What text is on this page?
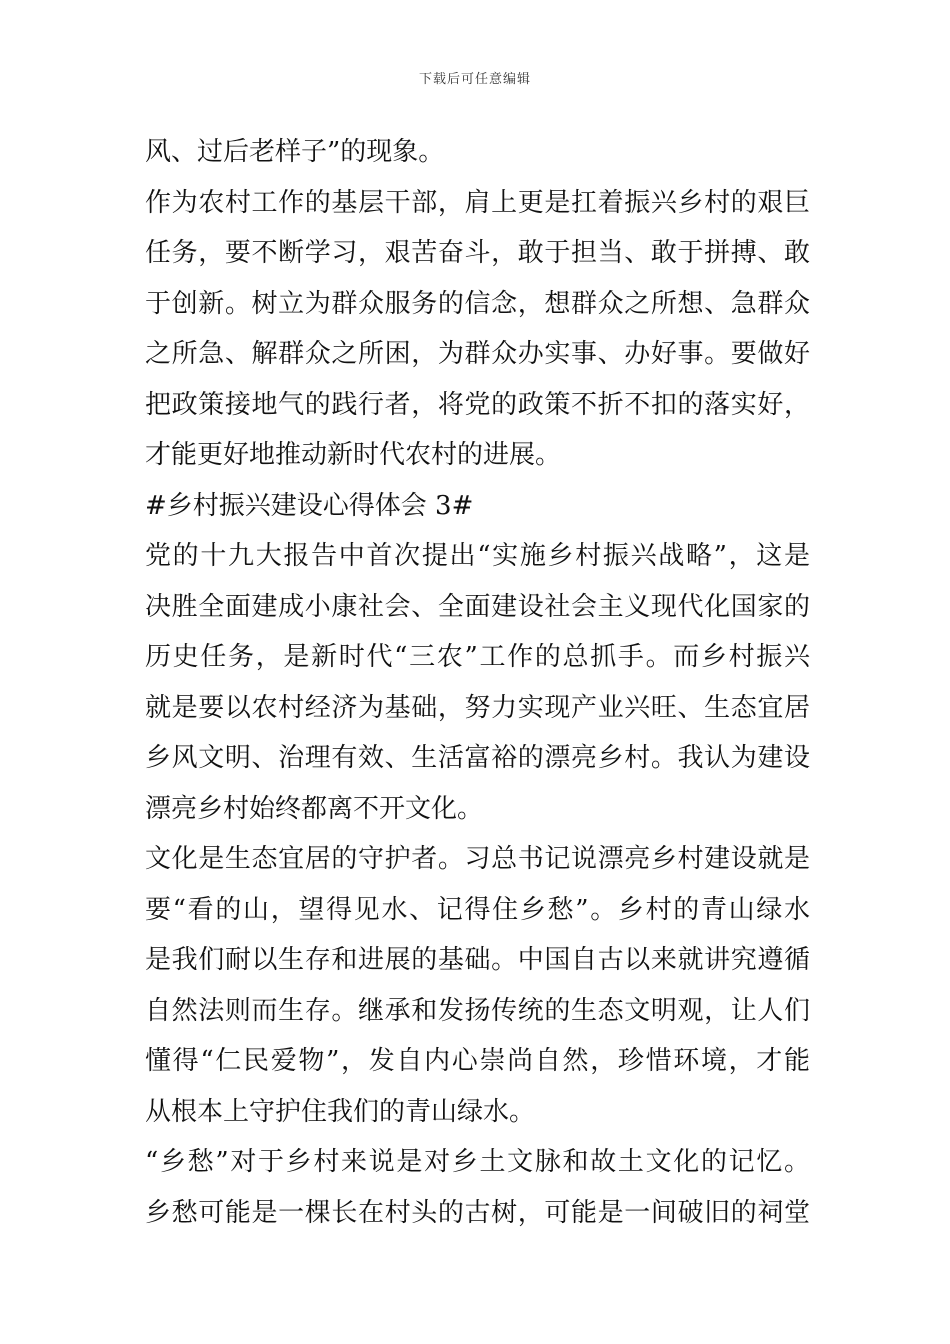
下载后可任意编辑
风、过后老样子”的现象。
作为农村工作的基层干部，肩上更是扛着振兴乡村的艰巨
任务，要不断学习，艰苦奋斗，敢于担当、敢于拼搏、敢
于创新。树立为群众服务的信念，想群众之所想、急群众
之所急、解群众之所困，为群众办实事、办好事。要做好
把政策接地气的践行者，将党的政策不折不扣的落实好，
才能更好地推动新时代农村的进展。
#乡村振兴建设心得体会 3#
党的十九大报告中首次提出“实施乡村振兴战略”，这是
决胜全面建成小康社会、全面建设社会主义现代化国家的
历史任务，是新时代“三农”工作的总抓手。而乡村振兴
就是要以农村经济为基础，努力实现产业兴旺、生态宜居
乡风文明、治理有效、生活富裕的漂亮乡村。我认为建设
漂亮乡村始终都离不开文化。
文化是生态宜居的守护者。习总书记说漂亮乡村建设就是
要“看的山，望得见水、记得住乡愁”。乡村的青山绿水
是我们耐以生存和进展的基础。中国自古以来就讲究遵循
自然法则而生存。继承和发扬传统的生态文明观，让人们
懂得“仁民爱物”，发自内心崇尚自然，珍惜环境，才能
从根本上守护住我们的青山绿水。
“乡愁”对于乡村来说是对乡土文脉和故土文化的记忆。
乡愁可能是一棵长在村头的古树，可能是一间破旧的祠堂
